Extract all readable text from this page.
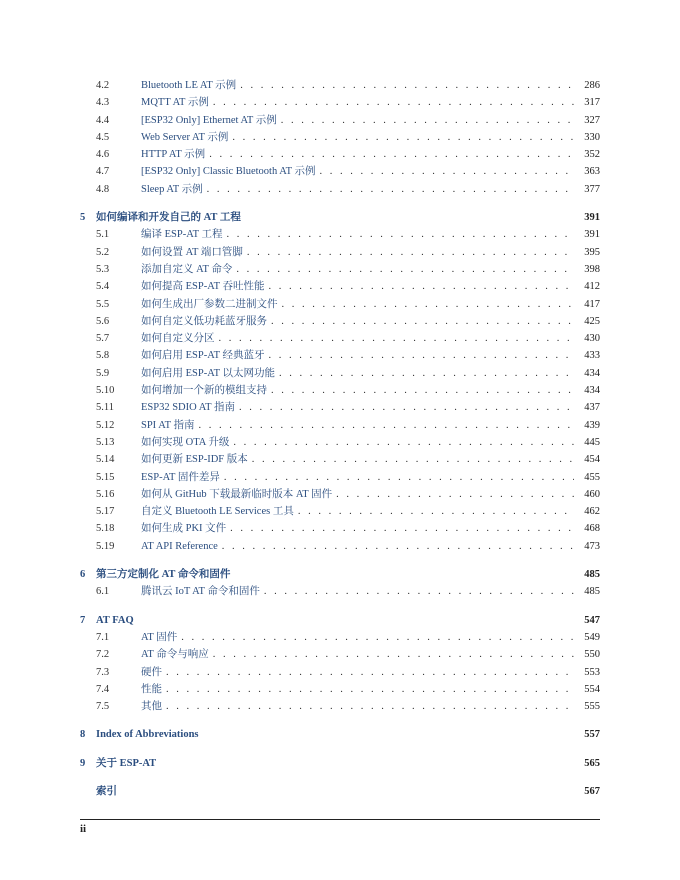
4.2	Bluetooth LE AT 示例 . . .	286
4.3	MQTT AT 示例 . . .	317
4.4	[ESP32 Only] Ethernet AT 示例 . . .	327
4.5	Web Server AT 示例 . . .	330
4.6	HTTP AT 示例 . . .	352
4.7	[ESP32 Only] Classic Bluetooth AT 示例 . . .	363
4.8	Sleep AT 示例 . . .	377
5	如何编译和开发自己的 AT 工程	391
5.1	编译 ESP-AT 工程 . . .	391
5.2	如何设置 AT 端口管脚 . . .	395
5.3	添加自定义 AT 命令 . . .	398
5.4	如何提高 ESP-AT 吞吐性能 . . .	412
5.5	如何生成出厂参数二进制文件 . . .	417
5.6	如何自定义低功耗蓝牙服务 . . .	425
5.7	如何自定义分区 . . .	430
5.8	如何启用 ESP-AT 经典蓝牙 . . .	433
5.9	如何启用 ESP-AT 以太网功能 . . .	434
5.10	如何增加一个新的模组支持 . . .	434
5.11	ESP32 SDIO AT 指南 . . .	437
5.12	SPI AT 指南 . . .	439
5.13	如何实现 OTA 升级 . . .	445
5.14	如何更新 ESP-IDF 版本 . . .	454
5.15	ESP-AT 固件差异 . . .	455
5.16	如何从 GitHub 下载最新临时版本 AT 固件 . . .	460
5.17	自定义 Bluetooth LE Services 工具 . . .	462
5.18	如何生成 PKI 文件 . . .	468
5.19	AT API Reference . . .	473
6	第三方定制化 AT 命令和固件	485
6.1	腾讯云 IoT AT 命令和固件 . . .	485
7	AT FAQ	547
7.1	AT 固件 . . .	549
7.2	AT 命令与响应 . . .	550
7.3	硬件 . . .	553
7.4	性能 . . .	554
7.5	其他 . . .	555
8	Index of Abbreviations	557
9	关于 ESP-AT	565
索引	567
ii
